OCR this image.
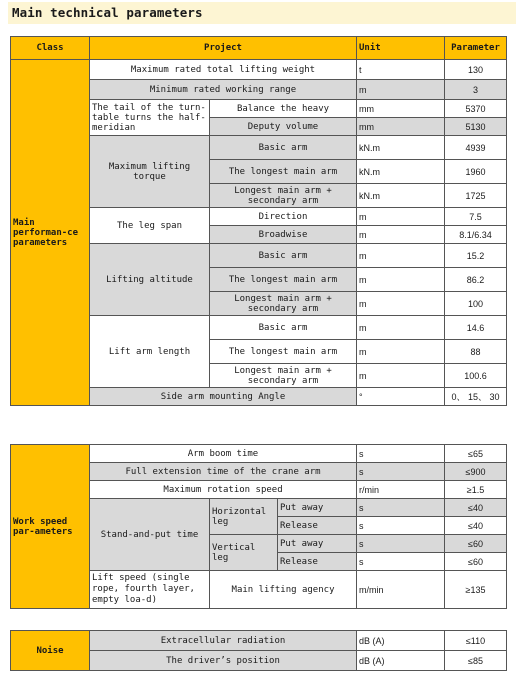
Main technical parameters
Class	Project		Unit	Parameter
Main performan-ce parameters	Maximum rated total lifting weight		t	130
	Minimum rated working range		m	3
	The tail of the turn-table turns the half-meridian	Balance the heavy	mm	5370
		Deputy volume	mm	5130
	Maximum lifting torque	Basic arm	kN.m	4939
		The longest main arm	kN.m	1960
		Longest main arm + secondary arm	kN.m	1725
	The leg span	Direction	m	7.5
		Broadwise	m	8.1/6.34
	Lifting altitude	Basic arm	m	15.2
		The longest main arm	m	86.2
		Longest main arm + secondary arm	m	100
	Lift arm length	Basic arm	m	14.6
		The longest main arm	m	88
		Longest main arm + secondary arm	m	100.6
	Side arm mounting Angle		°	0、 15、 30
Work speed par-ameters	Arm boom time			s	≤65
	Full extension time of the crane arm			s	≤900
	Maximum rotation speed			r/min	≥1.5
	Stand-and-put time	Horizontal leg	Put away	s	≤40
			Release	s	≤40
		Vertical leg	Put away	s	≤60
			Release	s	≤60
	Lift speed (single rope, fourth layer, empty loa-d)	Main lifting agency		m/min	≥135
Noise	Extracellular radiation	dB (A)	≤110
	The driver’s position	dB (A)	≤85
